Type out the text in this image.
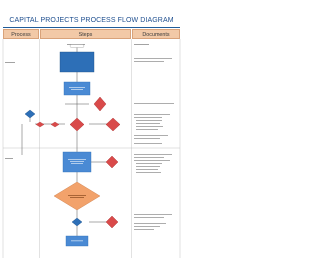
CAPITAL PROJECTS PROCESS FLOW DIAGRAM
Process	Steps	Documents
